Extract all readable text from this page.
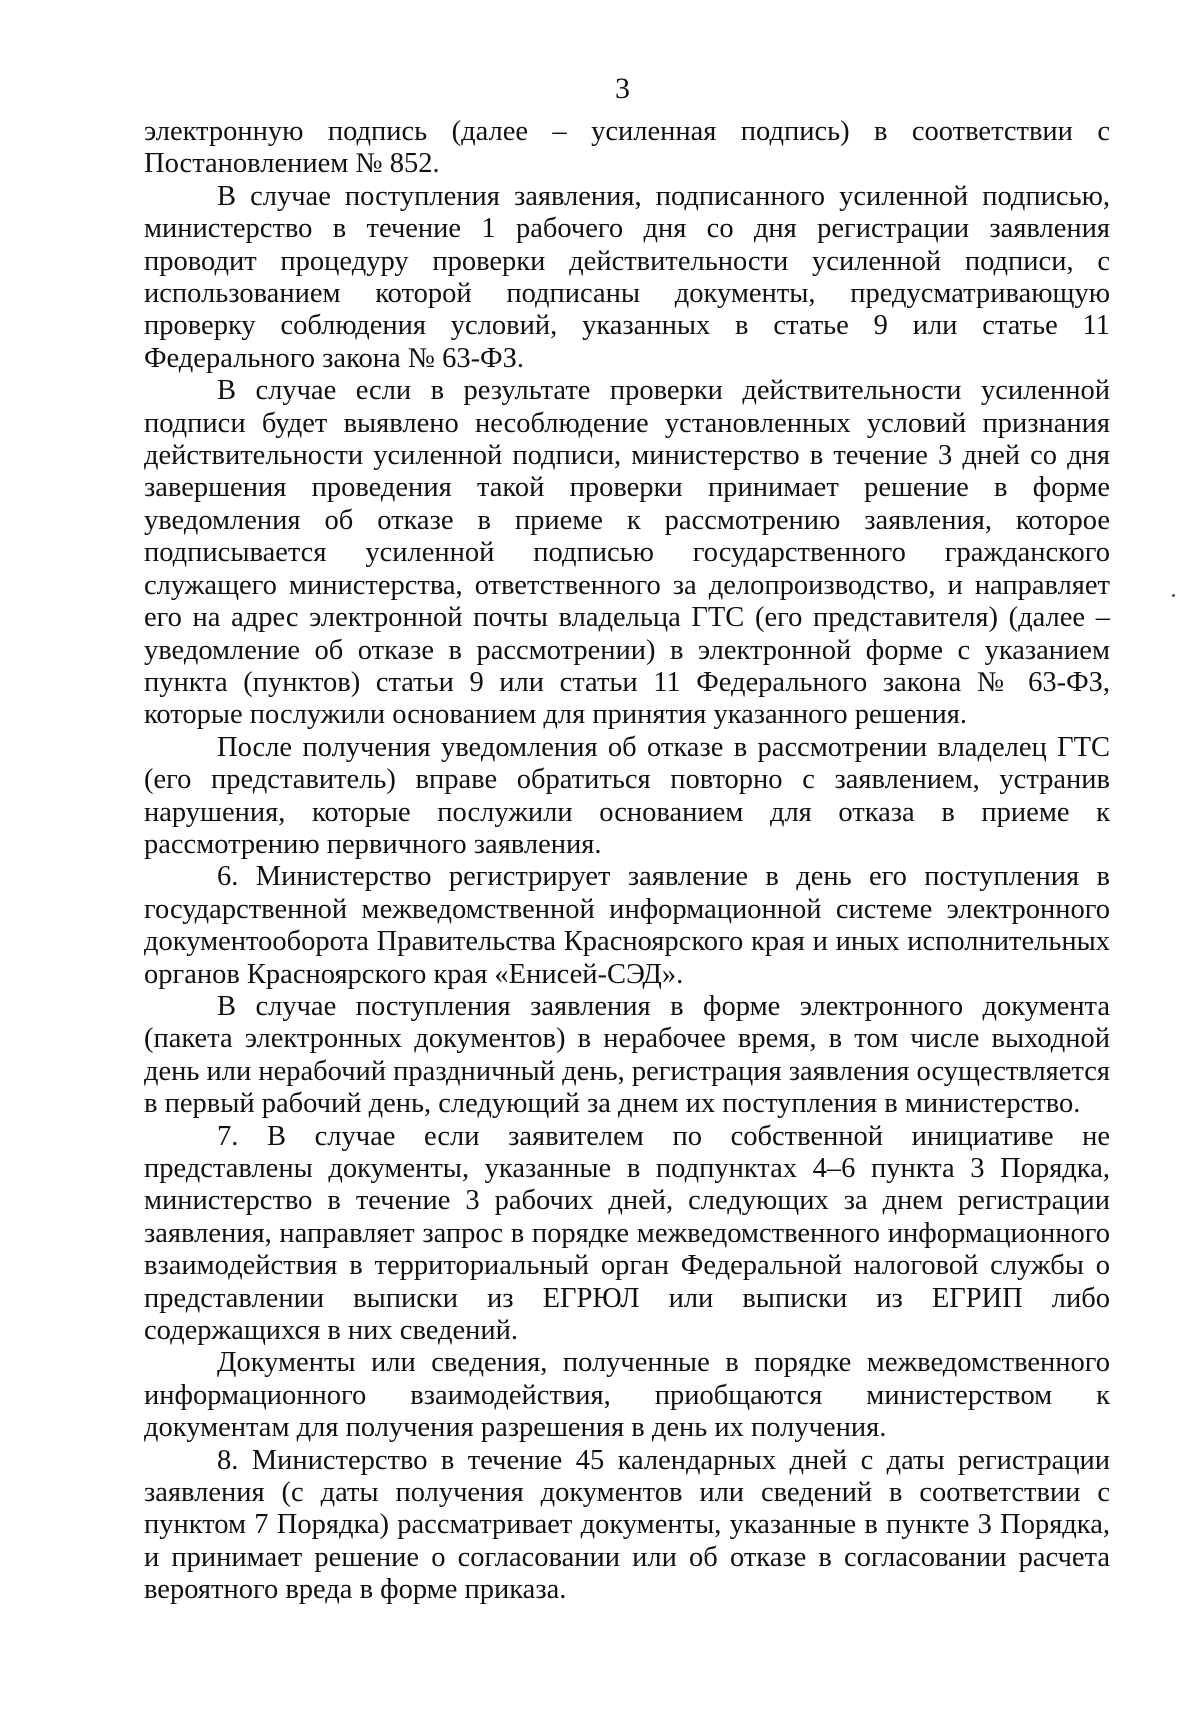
3

электронную подпись (далее – усиленная подпись) в соответствии с Постановлением № 852.

В случае поступления заявления, подписанного усиленной подписью, министерство в течение 1 рабочего дня со дня регистрации заявления проводит процедуру проверки действительности усиленной подписи, с использованием которой подписаны документы, предусматривающую проверку соблюдения условий, указанных в статье 9 или статье 11 Федерального закона № 63-ФЗ.

В случае если в результате проверки действительности усиленной подписи будет выявлено несоблюдение установленных условий признания действительности усиленной подписи, министерство в течение 3 дней со дня завершения проведения такой проверки принимает решение в форме уведомления об отказе в приеме к рассмотрению заявления, которое подписывается усиленной подписью государственного гражданского служащего министерства, ответственного за делопроизводство, и направляет его на адрес электронной почты владельца ГТС (его представителя) (далее – уведомление об отказе в рассмотрении) в электронной форме с указанием пункта (пунктов) статьи 9 или статьи 11 Федерального закона № 63-ФЗ, которые послужили основанием для принятия указанного решения.

После получения уведомления об отказе в рассмотрении владелец ГТС (его представитель) вправе обратиться повторно с заявлением, устранив нарушения, которые послужили основанием для отказа в приеме к рассмотрению первичного заявления.

6. Министерство регистрирует заявление в день его поступления в государственной межведомственной информационной системе электронного документооборота Правительства Красноярского края и иных исполнительных органов Красноярского края «Енисей-СЭД».

В случае поступления заявления в форме электронного документа (пакета электронных документов) в нерабочее время, в том числе выходной день или нерабочий праздничный день, регистрация заявления осуществляется в первый рабочий день, следующий за днем их поступления в министерство.

7. В случае если заявителем по собственной инициативе не представлены документы, указанные в подпунктах 4–6 пункта 3 Порядка, министерство в течение 3 рабочих дней, следующих за днем регистрации заявления, направляет запрос в порядке межведомственного информационного взаимодействия в территориальный орган Федеральной налоговой службы о представлении выписки из ЕГРЮЛ или выписки из ЕГРИП либо содержащихся в них сведений.

Документы или сведения, полученные в порядке межведомственного информационного взаимодействия, приобщаются министерством к документам для получения разрешения в день их получения.

8. Министерство в течение 45 календарных дней с даты регистрации заявления (с даты получения документов или сведений в соответствии с пунктом 7 Порядка) рассматривает документы, указанные в пункте 3 Порядка, и принимает решение о согласовании или об отказе в согласовании расчета вероятного вреда в форме приказа.
